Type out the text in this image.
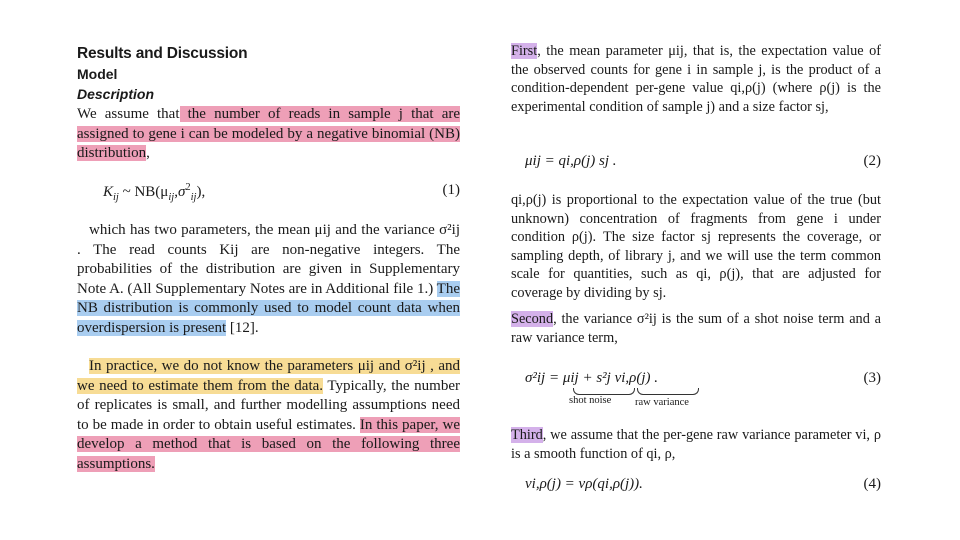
Results and Discussion
Model
Description

We assume that the number of reads in sample j that are assigned to gene i can be modeled by a negative binomial (NB) distribution,

$K_{ij}$ ~ $NB(\mu_{ij},\sigma^2_{ij})$,	(1)

which has two parameters, the mean μij and the variance σ²ij . The read counts Kij are non-negative integers. The probabilities of the distribution are given in Supplementary Note A. (All Supplementary Notes are in Additional file 1.) The NB distribution is commonly used to model count data when overdispersion is present [12].

In practice, we do not know the parameters μij and σ²ij , and we need to estimate them from the data. Typically, the number of replicates is small, and further modelling assumptions need to be made in order to obtain useful estimates. In this paper, we develop a method that is based on the following three assumptions.

First, the mean parameter μij, that is, the expectation value of the observed counts for gene i in sample j, is the product of a condition-dependent per-gene value qi,ρ(j) (where ρ(j) is the experimental condition of sample j) and a size factor sj,

μij = qi,ρ(j) sj .	(2)

qi,ρ(j) is proportional to the expectation value of the true (but unknown) concentration of fragments from gene i under condition ρ(j). The size factor sj represents the coverage, or sampling depth, of library j, and we will use the term common scale for quantities, such as qi, ρ(j), that are adjusted for coverage by dividing by sj.

Second, the variance σ²ij is the sum of a shot noise term and a raw variance term,

σ²ij = μij + s²j vi,ρ(j) .	(3)
shot noise raw variance

Third, we assume that the per-gene raw variance parameter vi, ρ is a smooth function of qi, ρ,

vi,ρ(j) = vρ(qi,ρ(j)).	(4)
